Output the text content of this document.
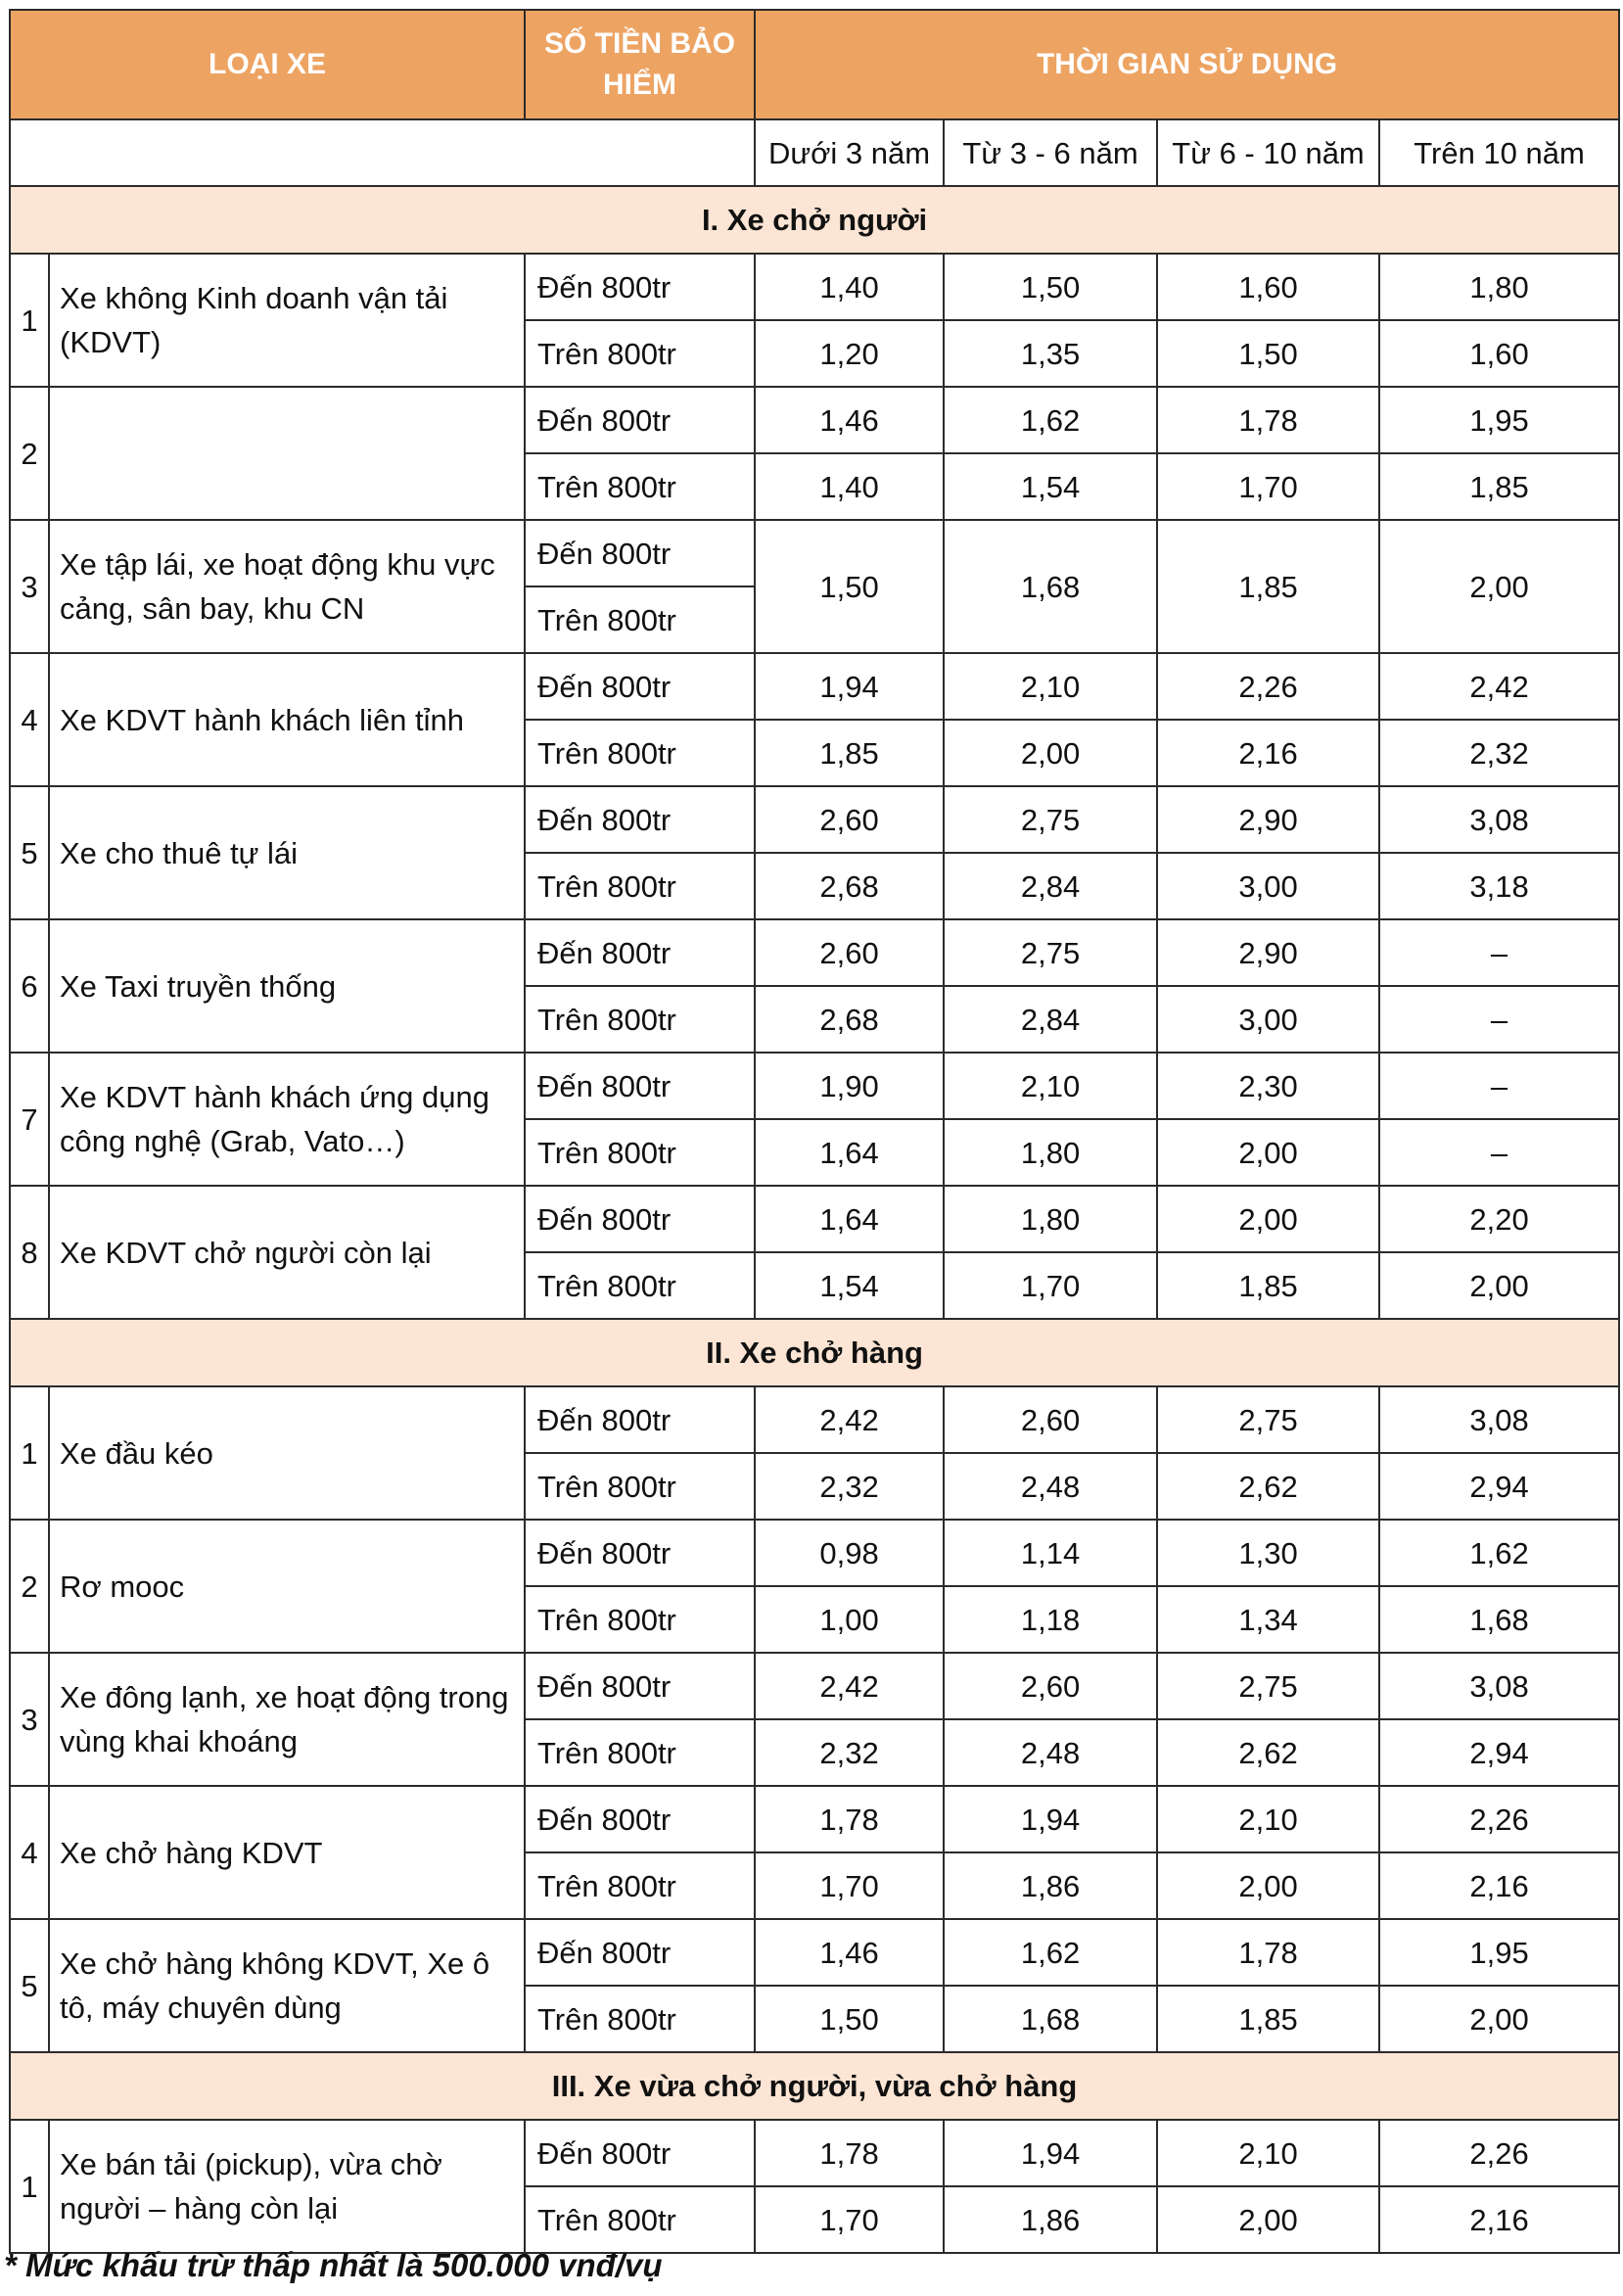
LOẠI XE		SỐ TIỀN BẢO HIỂM	THỜI GIAN SỬ DỤNG			
			Dưới 3 năm	Từ 3 - 6 năm	Từ 6 - 10 năm	Trên 10 năm
I. Xe chở người						
1	Xe không Kinh doanh vận tải (KDVT)	Đến 800tr	1,40	1,50	1,60	1,80
		Trên 800tr	1,20	1,35	1,50	1,60
2		Đến 800tr	1,46	1,62	1,78	1,95
		Trên 800tr	1,40	1,54	1,70	1,85
3	Xe tập lái, xe hoạt động khu vực cảng, sân bay, khu CN	Đến 800tr	1,50	1,68	1,85	2,00
		Trên 800tr				
4	Xe KDVT hành khách liên tỉnh	Đến 800tr	1,94	2,10	2,26	2,42
		Trên 800tr	1,85	2,00	2,16	2,32
5	Xe cho thuê tự lái	Đến 800tr	2,60	2,75	2,90	3,08
		Trên 800tr	2,68	2,84	3,00	3,18
6	Xe Taxi truyền thống	Đến 800tr	2,60	2,75	2,90	–
		Trên 800tr	2,68	2,84	3,00	–
7	Xe KDVT hành khách ứng dụng công nghệ (Grab, Vato…)	Đến 800tr	1,90	2,10	2,30	–
		Trên 800tr	1,64	1,80	2,00	–
8	Xe KDVT chở người còn lại	Đến 800tr	1,64	1,80	2,00	2,20
		Trên 800tr	1,54	1,70	1,85	2,00
II. Xe chở hàng						
1	Xe đầu kéo	Đến 800tr	2,42	2,60	2,75	3,08
		Trên 800tr	2,32	2,48	2,62	2,94
2	Rơ mooc	Đến 800tr	0,98	1,14	1,30	1,62
		Trên 800tr	1,00	1,18	1,34	1,68
3	Xe đông lạnh, xe hoạt động trong vùng khai khoáng	Đến 800tr	2,42	2,60	2,75	3,08
		Trên 800tr	2,32	2,48	2,62	2,94
4	Xe chở hàng KDVT	Đến 800tr	1,78	1,94	2,10	2,26
		Trên 800tr	1,70	1,86	2,00	2,16
5	Xe chở hàng không KDVT, Xe ô tô, máy chuyên dùng	Đến 800tr	1,46	1,62	1,78	1,95
		Trên 800tr	1,50	1,68	1,85	2,00
III. Xe vừa chở người, vừa chở hàng						
1	Xe bán tải (pickup), vừa chờ người – hàng còn lại	Đến 800tr	1,78	1,94	2,10	2,26
		Trên 800tr	1,70	1,86	2,00	2,16
* Mức khấu trừ thấp nhất là 500.000 vnđ/vụ
